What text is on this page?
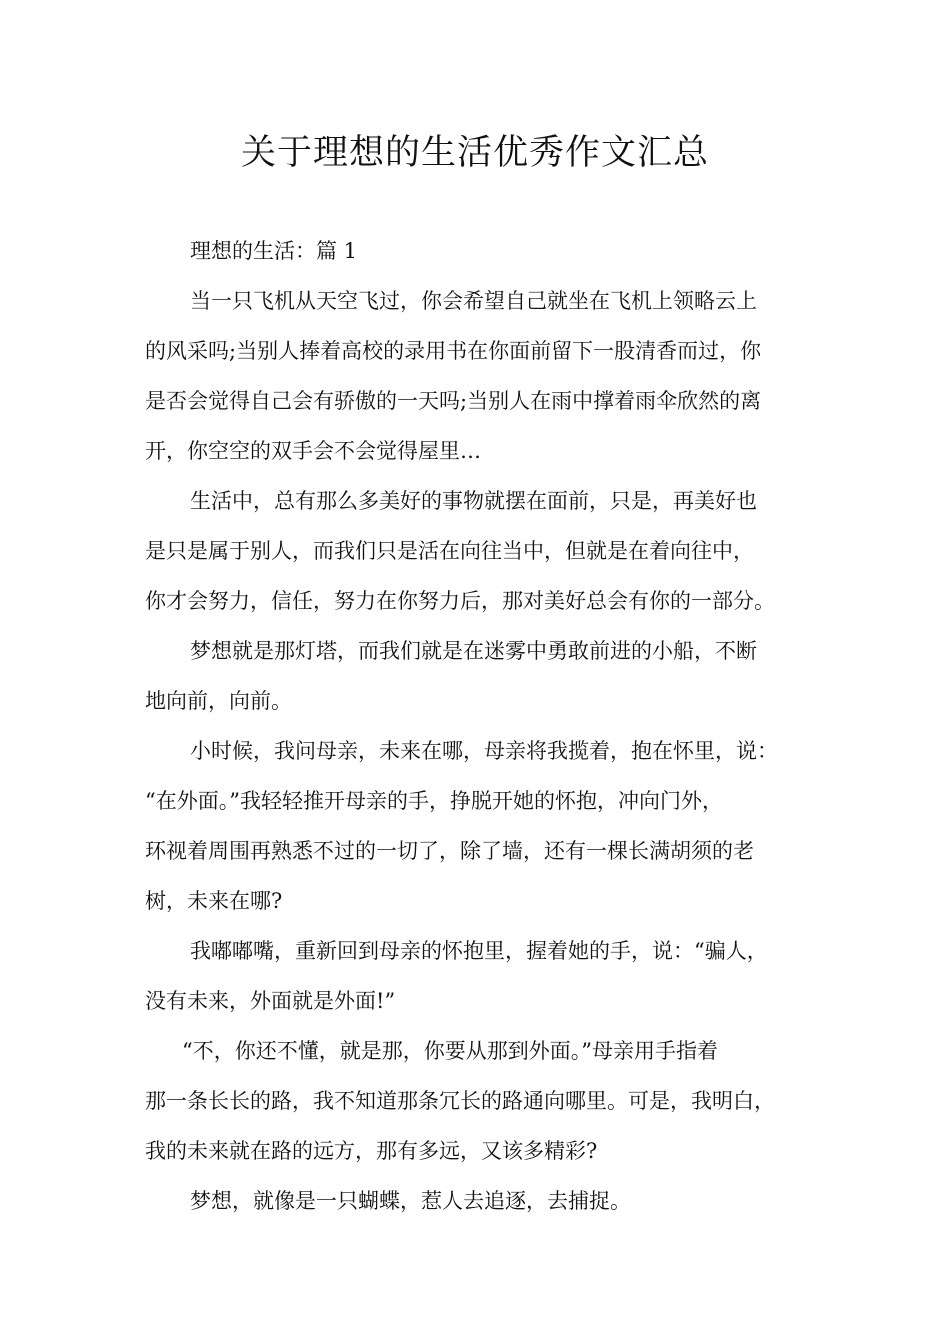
关于理想的生活优秀作文汇总
理想的生活：篇 1
当一只飞机从天空飞过，你会希望自己就坐在飞机上领略云上
的风采吗;当别人捧着高校的录用书在你面前留下一股清香而过，你
是否会觉得自己会有骄傲的一天吗;当别人在雨中撑着雨伞欣然的离
开，你空空的双手会不会觉得屋里…
生活中，总有那么多美好的事物就摆在面前，只是，再美好也
是只是属于别人，而我们只是活在向往当中，但就是在着向往中，
你才会努力，信任，努力在你努力后，那对美好总会有你的一部分。
梦想就是那灯塔，而我们就是在迷雾中勇敢前进的小船，不断
地向前，向前。
小时候，我问母亲，未来在哪，母亲将我揽着，抱在怀里，说：
“在外面。”我轻轻推开母亲的手，挣脱开她的怀抱，冲向门外，
环视着周围再熟悉不过的一切了，除了墙，还有一棵长满胡须的老
树，未来在哪?
我嘟嘟嘴，重新回到母亲的怀抱里，握着她的手，说：“骗人，
没有未来，外面就是外面!”
“不，你还不懂，就是那，你要从那到外面。”母亲用手指着
那一条长长的路，我不知道那条冗长的路通向哪里。可是，我明白，
我的未来就在路的远方，那有多远，又该多精彩?
梦想，就像是一只蝴蝶，惹人去追逐，去捕捉。
